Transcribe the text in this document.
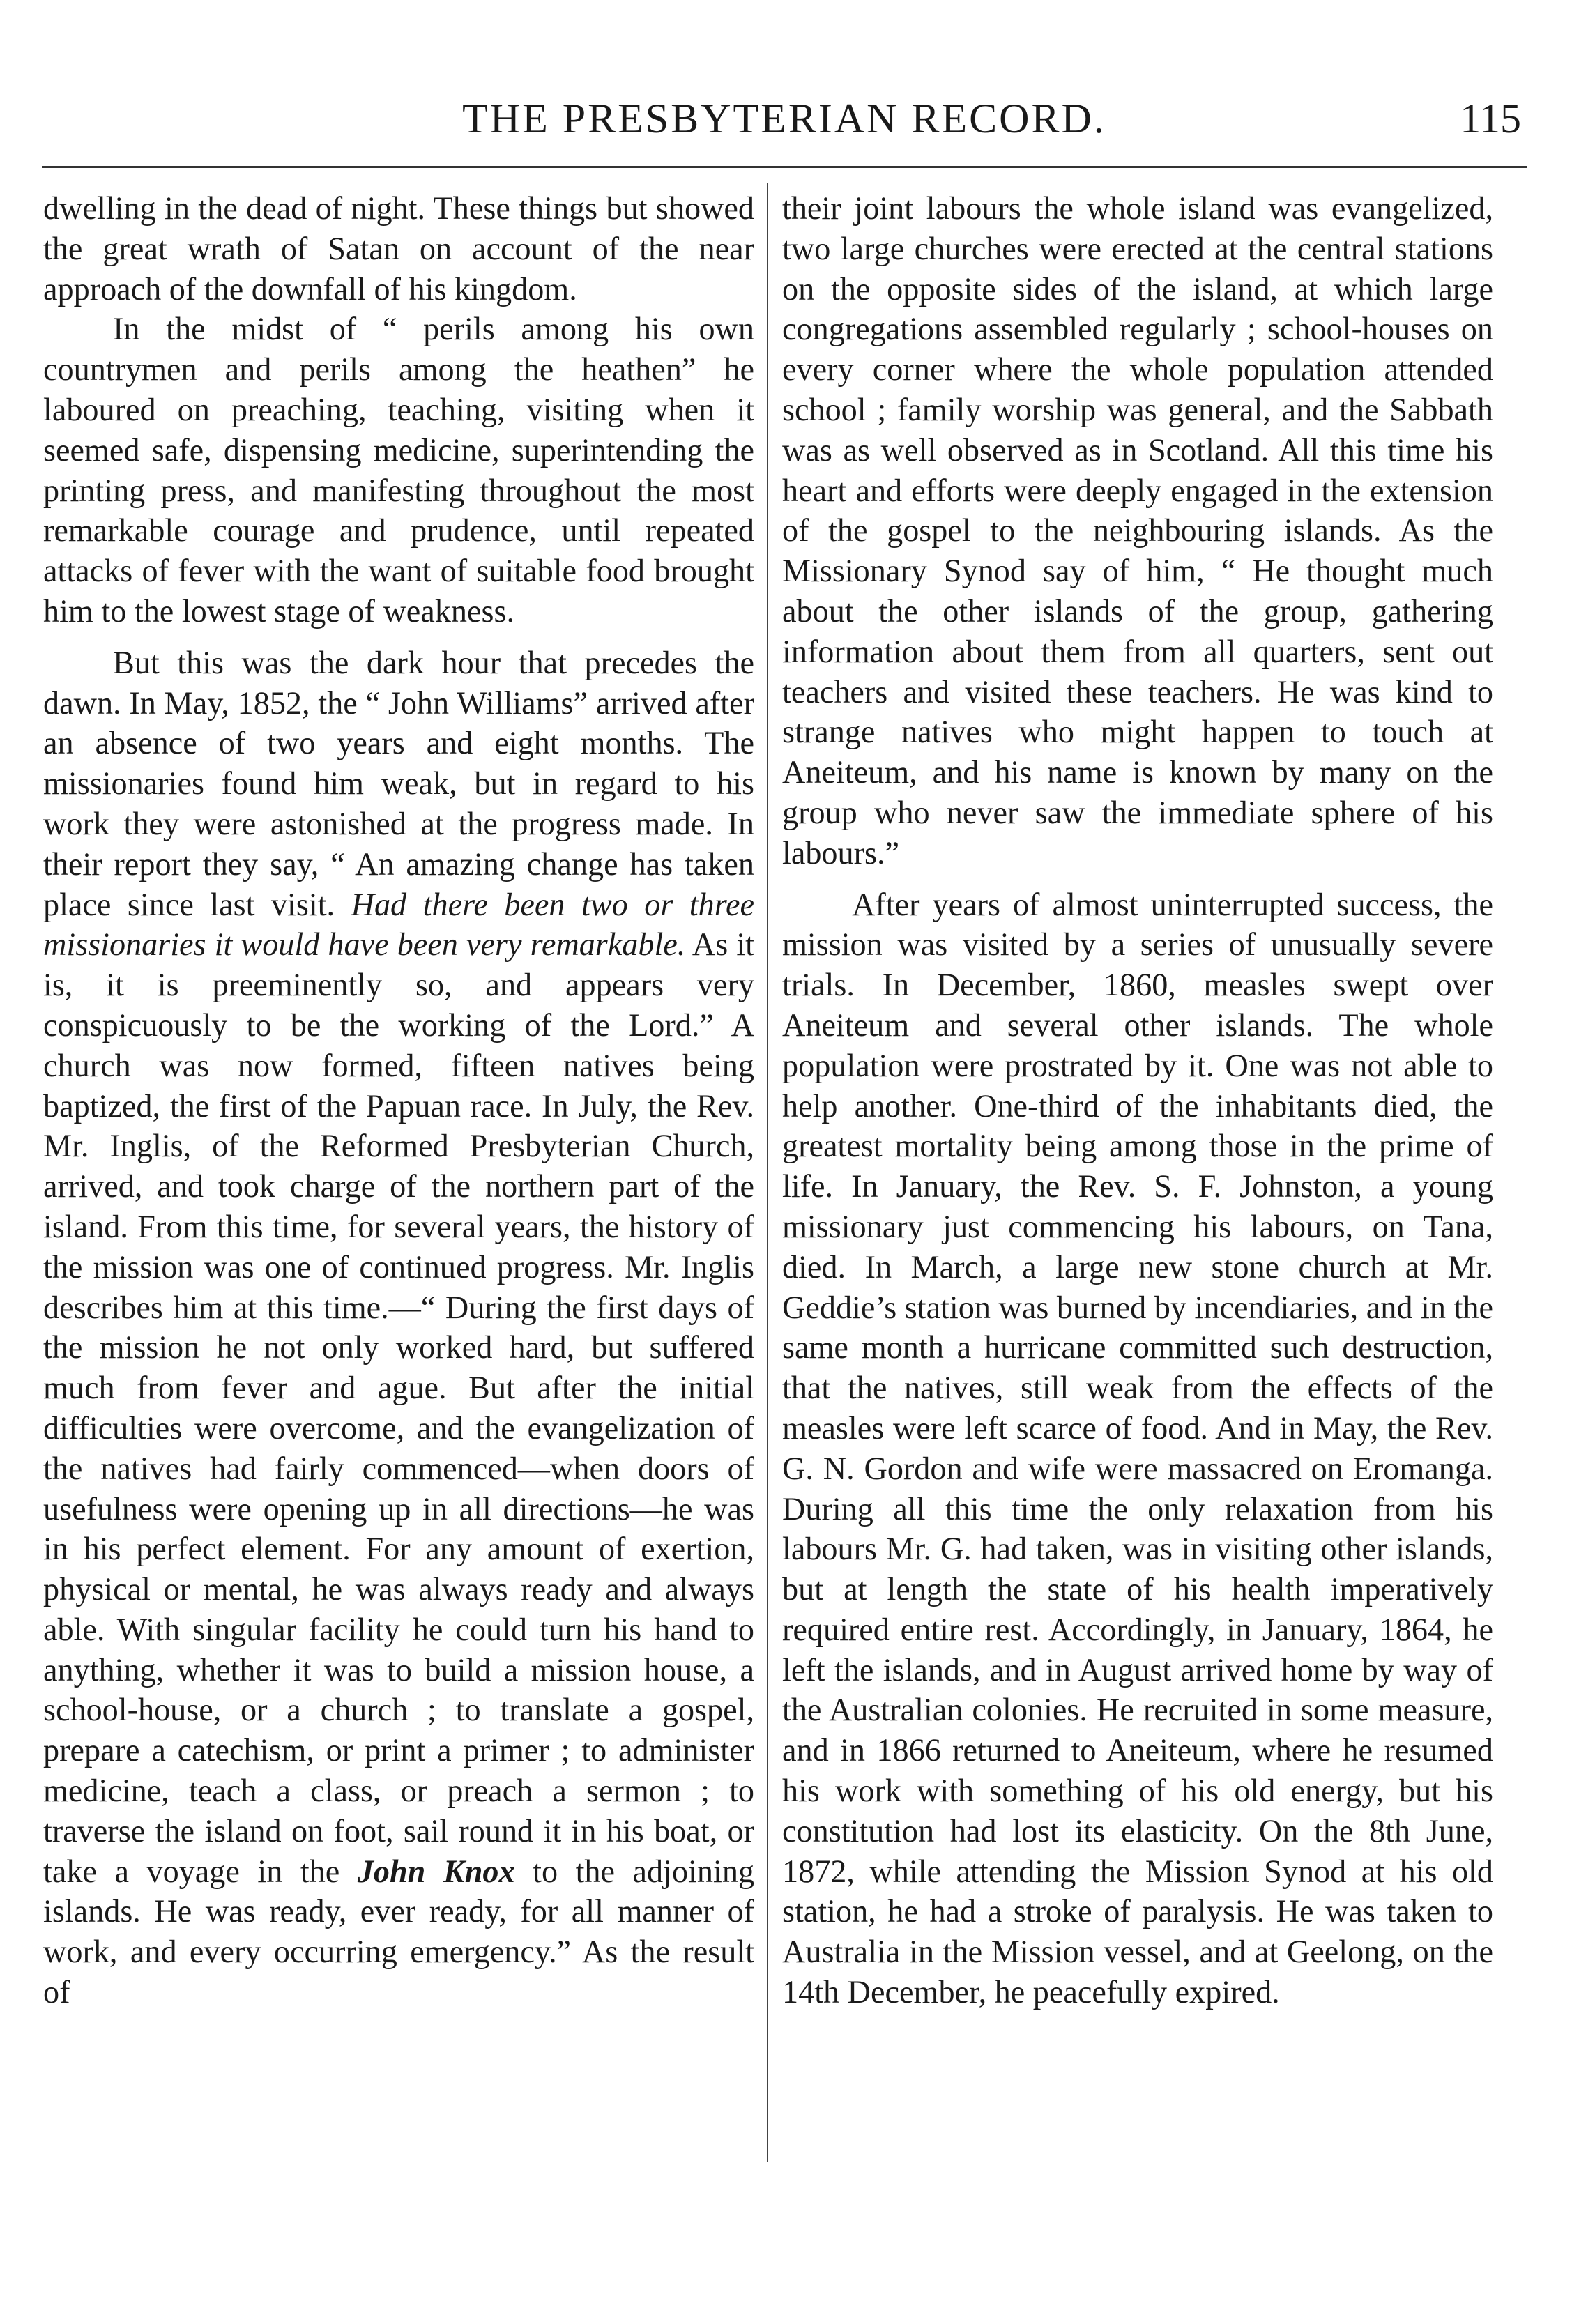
THE PRESBYTERIAN RECORD.	115

dwelling in the dead of night. These things but showed the great wrath of Satan on account of the near approach of the downfall of his kingdom.

In the midst of “ perils among his own countrymen and perils among the heathen” he laboured on preaching, teaching, visiting when it seemed safe, dispensing medicine, superintending the printing press, and manifesting throughout the most remarkable courage and prudence, until repeated attacks of fever with the want of suitable food brought him to the lowest stage of weakness.

But this was the dark hour that precedes the dawn. In May, 1852, the “ John Williams” arrived after an absence of two years and eight months. The missionaries found him weak, but in regard to his work they were astonished at the progress made. In their report they say, “ An amazing change has taken place since last visit. Had there been two or three missionaries it would have been very remarkable. As it is, it is preeminently so, and appears very conspicuously to be the working of the Lord.” A church was now formed, fifteen natives being baptized, the first of the Papuan race. In July, the Rev. Mr. Inglis, of the Reformed Presbyterian Church, arrived, and took charge of the northern part of the island. From this time, for several years, the history of the mission was one of continued progress. Mr. Inglis describes him at this time.—“ During the first days of the mission he not only worked hard, but suffered much from fever and ague. But after the initial difficulties were overcome, and the evangelization of the natives had fairly commenced—when doors of usefulness were opening up in all directions—he was in his perfect element. For any amount of exertion, physical or mental, he was always ready and always able. With singular facility he could turn his hand to anything, whether it was to build a mission house, a school-house, or a church ; to translate a gospel, prepare a catechism, or print a primer ; to administer medicine, teach a class, or preach a sermon ; to traverse the island on foot, sail round it in his boat, or take a voyage in the John Knox to the adjoining islands. He was ready, ever ready, for all manner of work, and every occurring emergency.” As the result of

their joint labours the whole island was evangelized, two large churches were erected at the central stations on the opposite sides of the island, at which large congregations assembled regularly ; school-houses on every corner where the whole population attended school ; family worship was general, and the Sabbath was as well observed as in Scotland. All this time his heart and efforts were deeply engaged in the extension of the gospel to the neighbouring islands. As the Missionary Synod say of him, “ He thought much about the other islands of the group, gathering information about them from all quarters, sent out teachers and visited these teachers. He was kind to strange natives who might happen to touch at Aneiteum, and his name is known by many on the group who never saw the immediate sphere of his labours.”

After years of almost uninterrupted success, the mission was visited by a series of unusually severe trials. In December, 1860, measles swept over Aneiteum and several other islands. The whole population were prostrated by it. One was not able to help another. One-third of the inhabitants died, the greatest mortality being among those in the prime of life. In January, the Rev. S. F. Johnston, a young missionary just commencing his labours, on Tana, died. In March, a large new stone church at Mr. Geddie’s station was burned by incendiaries, and in the same month a hurricane committed such destruction, that the natives, still weak from the effects of the measles were left scarce of food. And in May, the Rev. G. N. Gordon and wife were massacred on Eromanga. During all this time the only relaxation from his labours Mr. G. had taken, was in visiting other islands, but at length the state of his health imperatively required entire rest. Accordingly, in January, 1864, he left the islands, and in August arrived home by way of the Australian colonies. He recruited in some measure, and in 1866 returned to Aneiteum, where he resumed his work with something of his old energy, but his constitution had lost its elasticity. On the 8th June, 1872, while attending the Mission Synod at his old station, he had a stroke of paralysis. He was taken to Australia in the Mission vessel, and at Geelong, on the 14th December, he peacefully expired.
